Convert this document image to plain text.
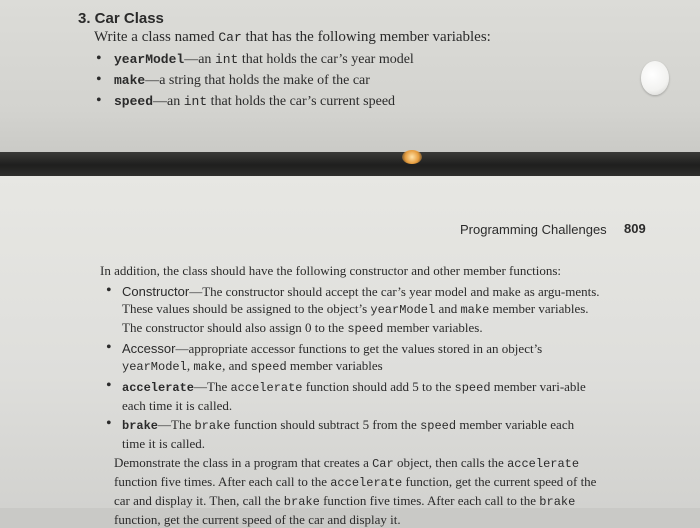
3. Car Class
Write a class named Car that has the following member variables:
• yearModel—an int that holds the car’s year model
• make—a string that holds the make of the car
• speed—an int that holds the car’s current speed
Programming Challenges 809

In addition, the class should have the following constructor and other member functions:

• Constructor—The constructor should accept the car’s year model and make as argu-ments. These values should be assigned to the object’s yearModel and make member variables. The constructor should also assign 0 to the speed member variables.
• Accessor—appropriate accessor functions to get the values stored in an object’s yearModel, make, and speed member variables
• accelerate—The accelerate function should add 5 to the speed member vari-able each time it is called.
• brake—The brake function should subtract 5 from the speed member variable each time it is called.

Demonstrate the class in a program that creates a Car object, then calls the accelerate function five times. After each call to the accelerate function, get the current speed of the car and display it. Then, call the brake function five times. After each call to the brake function, get the current speed of the car and display it.
